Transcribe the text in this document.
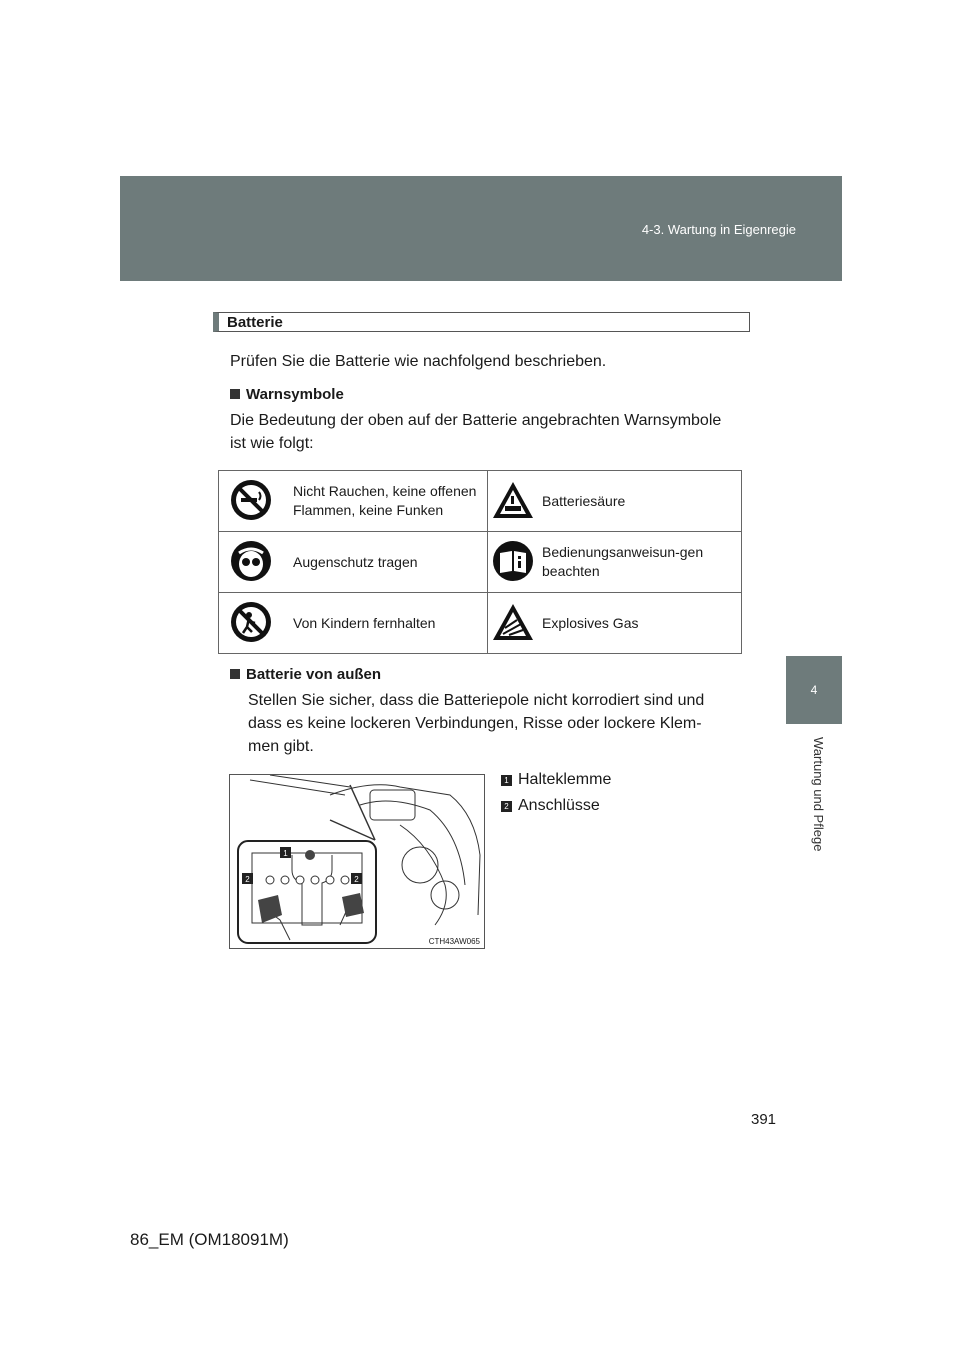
4-3. Wartung in Eigenregie
4
Wartung und Pflege
Batterie
Prüfen Sie die Batterie wie nachfolgend beschrieben.
Warnsymbole
Die Bedeutung der oben auf der Batterie angebrachten Warnsymbole
ist wie folgt:
	Nicht Rauchen, keine offenen Flammen, keine Funken		Batteriesäure
	Augenschutz tragen		Bedienungsanweisun-gen beachten
	Von Kindern fernhalten		Explosives Gas
Batterie von außen
Stellen Sie sicher, dass die Batteriepole nicht korrodiert sind und
dass es keine lockeren Verbindungen, Risse oder lockere Klem-
men gibt.
1
2	2
CTH43AW065
1 Halteklemme
2 Anschlüsse
391
86_EM (OM18091M)
